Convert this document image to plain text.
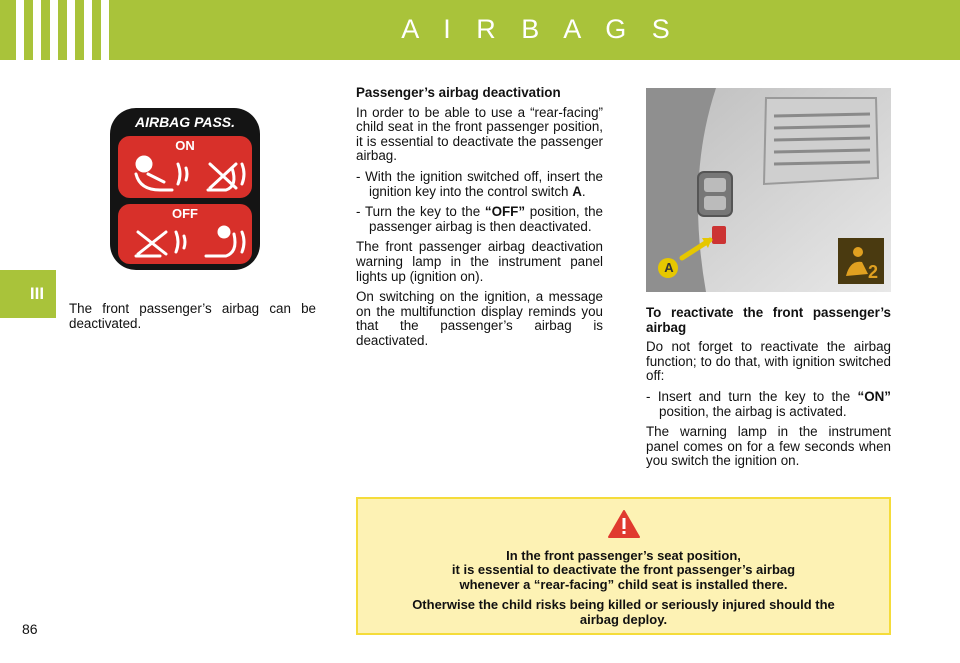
A I R B A G S
III
AIRBAG PASS.
ON
OFF

The front passenger’s airbag can be deactivated.

Passenger’s airbag deactivation

In order to be able to use a “rear-facing” child seat in the front passenger position, it is essential to deactivate the passenger airbag.

- With the ignition switched off, insert the ignition key into the control switch A.

- Turn the key to the “OFF” position, the passenger airbag is then deactivated.

The front passenger airbag deactivation warning lamp in the instrument panel lights up (ignition on).

On switching on the ignition, a message on the multifunction display reminds you that the passenger’s airbag is deactivated.

2
A

To reactivate the front passenger’s airbag

Do not forget to reactivate the airbag function; to do that, with ignition switched off:

- Insert and turn the key to the “ON” position, the airbag is activated.

The warning lamp in the instrument panel comes on for a few seconds when you switch the ignition on.

In the front passenger’s seat position,
it is essential to deactivate the front passenger’s airbag
whenever a “rear-facing” child seat is installed there.

Otherwise the child risks being killed or seriously injured should the airbag deploy.

86
